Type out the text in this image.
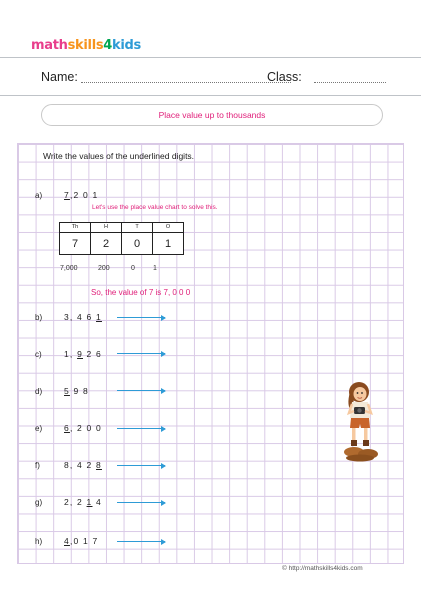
mathskills4kids
Name:	Class:
Place value up to thousands
Write the values of the underlined digits.
a)	7,2 0 1
Let's use the place value chart to solve this.
Th	H	T	O
7	2	0	1
7,000	200	0	1
So, the value of 7 is 7, 0 0 0
b)	3, 4 6 1
c)	1, 9 2 6
d)	5 9 8
e)	6, 2 0 0
f)	8, 4 2 8
g)	2, 2 1 4
h)	4,0 1 7
© http://mathskills4kids.com
